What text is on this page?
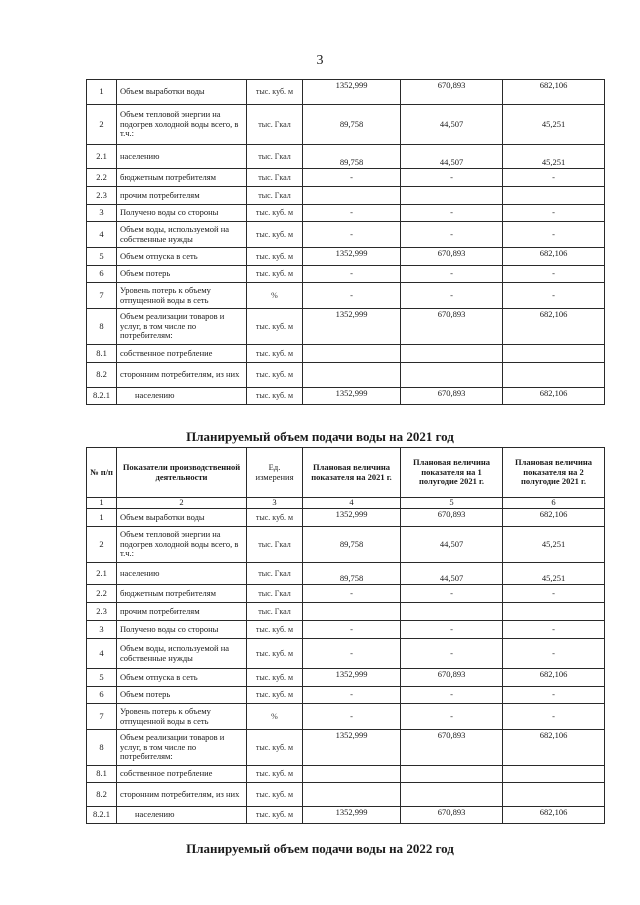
3
1	Объем выработки воды	тыс. куб. м	1352,999	670,893	682,106
2	Объем тепловой энергии на подогрев холодной воды всего, в т.ч.:	тыс. Гкал	89,758	44,507	45,251
2.1	населению	тыс. Гкал	89,758	44,507	45,251
2.2	бюджетным потребителям	тыс. Гкал	-	-	-
2.3	прочим потребителям	тыс. Гкал			
3	Получено воды со стороны	тыс. куб. м	-	-	-
4	Объем воды, используемой на собственные нужды	тыс. куб. м	-	-	-
5	Объем отпуска в сеть	тыс. куб. м	1352,999	670,893	682,106
6	Объем потерь	тыс. куб. м	-	-	-
7	Уровень потерь к объему отпущенной воды в сеть	%	-	-	-
8	Объем реализации товаров и услуг, в том числе по потребителям:	тыс. куб. м	1352,999	670,893	682,106
8.1	собственное потребление	тыс. куб. м			
8.2	сторонним потребителям, из них	тыс. куб. м			
8.2.1	населению	тыс. куб. м	1352,999	670,893	682,106
Планируемый объем подачи воды на 2021 год
№ п/п	Показатели производственной деятельности	Ед. измерения	Плановая величина показателя на 2021 г.	Плановая величина показателя на 1 полугодие 2021 г.	Плановая величина показателя на 2 полугодие 2021 г.
1	2	3	4	5	6
1	Объем выработки воды	тыс. куб. м	1352,999	670,893	682,106
2	Объем тепловой энергии на подогрев холодной воды всего, в т.ч.:	тыс. Гкал	89,758	44,507	45,251
2.1	населению	тыс. Гкал	89,758	44,507	45,251
2.2	бюджетным потребителям	тыс. Гкал	-	-	-
2.3	прочим потребителям	тыс. Гкал			
3	Получено воды со стороны	тыс. куб. м	-	-	-
4	Объем воды, используемой на собственные нужды	тыс. куб. м	-	-	-
5	Объем отпуска в сеть	тыс. куб. м	1352,999	670,893	682,106
6	Объем потерь	тыс. куб. м	-	-	-
7	Уровень потерь к объему отпущенной воды в сеть	%	-	-	-
8	Объем реализации товаров и услуг, в том числе по потребителям:	тыс. куб. м	1352,999	670,893	682,106
8.1	собственное потребление	тыс. куб. м			
8.2	сторонним потребителям, из них	тыс. куб. м			
8.2.1	населению	тыс. куб. м	1352,999	670,893	682,106
Планируемый объем подачи воды на 2022 год
